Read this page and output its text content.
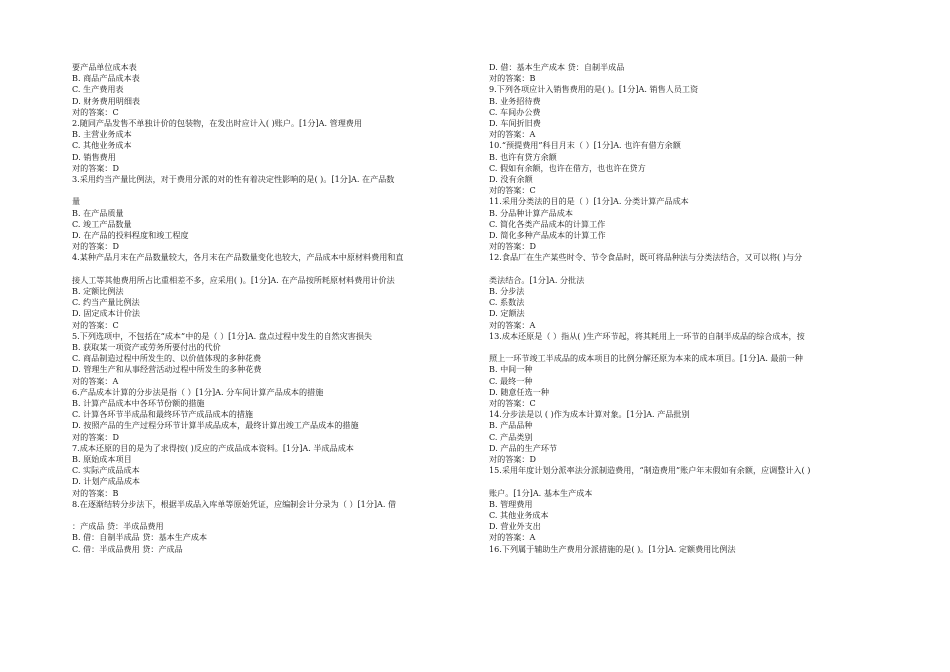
要产品单位成本表
B. 商品产品成本表
C. 生产费用表
D. 财务费用明细表
对的答案：C
2.随同产品发售不单独计价的包装物，在发出时应计入( )账户。[1分]A. 管理费用
B. 主营业务成本
C. 其他业务成本
D. 销售费用
对的答案：D
3.采用约当产量比例法，对于费用分派的对的性有着决定性影响的是( )。[1分]A. 在产品数
量
B. 在产品质量
C. 竣工产品数量
D. 在产品的投料程度和竣工程度
对的答案：D
4.某种产品月末在产品数量较大，各月末在产品数量变化也较大，产品成本中原材料费用和直
接人工等其他费用所占比重相差不多，应采用( )。[1分]A. 在产品按所耗原材料费用计价法
B. 定额比例法
C. 约当产量比例法
D. 固定成本计价法
对的答案：C
5.下列选项中，不包括在“成本”中的是（ ）[1分]A. 盘点过程中发生的自然灾害损失
B. 获取某一项资产或劳务所要付出的代价
C. 商品制造过程中所发生的、以价值体现的多种花费
D. 管理生产和从事经营活动过程中所发生的多种花费
对的答案：A
6.产品成本计算的分步法是指（ ）[1分]A. 分车间计算产品成本的措施
B. 计算产品成本中各环节份额的措施
C. 计算各环节半成品和最终环节产成品成本的措施
D. 按照产品的生产过程分环节计算半成品成本，最终计算出竣工产品成本的措施
对的答案：D
7.成本还原的目的是为了求得按( )反应的产成品成本资料。[1分]A. 半成品成本
B. 原始成本项目
C. 实际产成品成本
D. 计划产成品成本
对的答案：B
8.在逐渐结转分步法下，根据半成品入库单等原始凭证，应编制会计分录为（ ）[1分]A. 借
：产成品 贷：半成品费用
B. 借：自制半成品 贷：基本生产成本
C. 借：半成品费用 贷：产成品
D. 借：基本生产成本 贷：自制半成品
对的答案：B
9.下列各项应计入销售费用的是( )。[1分]A. 销售人员工资
B. 业务招待费
C. 车间办公费
D. 车间折旧费
对的答案：A
10.“预提费用”科目月末（ ）[1分]A. 也许有借方余额
B. 也许有贷方余额
C. 假如有余额，也许在借方，也也许在贷方
D. 没有余额
对的答案：C
11.采用分类法的目的是（ ）[1分]A. 分类计算产品成本
B. 分品种计算产品成本
C. 简化各类产品成本的计算工作
D. 简化多种产品成本的计算工作
对的答案：D
12.食品厂在生产某些时令、节令食品时，既可将品种法与分类法结合，又可以将( )与分
类法结合。[1分]A. 分批法
B. 分步法
C. 系数法
D. 定额法
对的答案：A
13.成本还原是（ ）指从( )生产环节起，将其耗用上一环节的自制半成品的综合成本，按
照上一环节竣工半成品的成本项目的比例分解还原为本来的成本项目。[1分]A. 最前一种
B. 中间一种
C. 最终一种
D. 随意任选一种
对的答案：C
14.分步法是以 ( )作为成本计算对象。[1分]A. 产品批别
B. 产品品种
C. 产品类别
D. 产品的生产环节
对的答案：D
15.采用年度计划分派率法分派制造费用，“制造费用”账户年末假如有余额，应调整计入( )
账户。[1分]A. 基本生产成本
B. 管理费用
C. 其他业务成本
D. 营业外支出
对的答案：A
16.下列属于辅助生产费用分派措施的是( )。[1分]A. 定额费用比例法
